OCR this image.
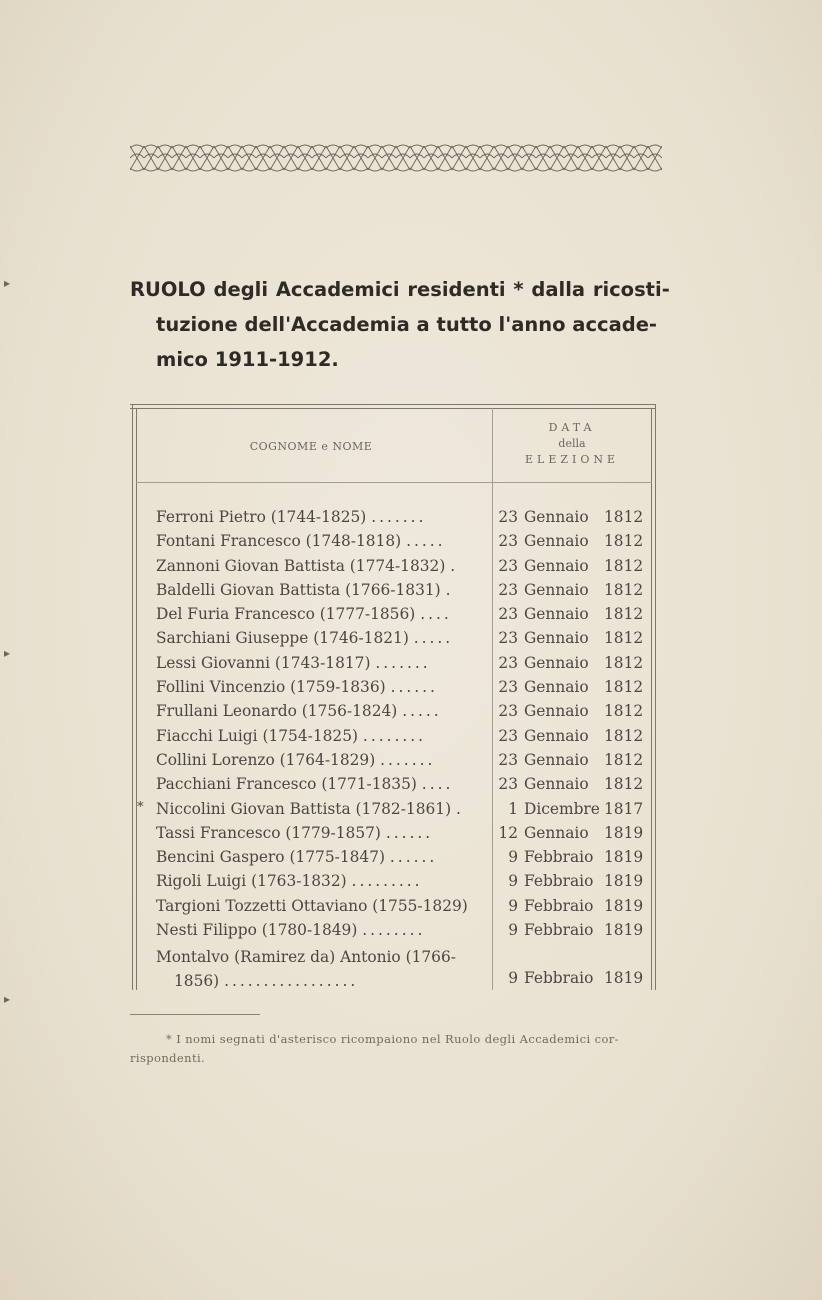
▸
▸
▸
RUOLO degli Accademici residenti * dalla ricosti-
tuzione dell'Accademia a tutto l'anno accade-
mico 1911-1912.
COGNOME e NOME
DATA
della
ELEZIONE
Ferroni Pietro (1744-1825) .......	23 Gennaio 1812
Fontani Francesco (1748-1818) .....	23 Gennaio 1812
Zannoni Giovan Battista (1774-1832) .	23 Gennaio 1812
Baldelli Giovan Battista (1766-1831) .	23 Gennaio 1812
Del Furia Francesco (1777-1856) ....	23 Gennaio 1812
Sarchiani Giuseppe (1746-1821) .....	23 Gennaio 1812
Lessi Giovanni (1743-1817) .......	23 Gennaio 1812
Follini Vincenzio (1759-1836) ......	23 Gennaio 1812
Frullani Leonardo (1756-1824) .....	23 Gennaio 1812
Fiacchi Luigi (1754-1825) ........	23 Gennaio 1812
Collini Lorenzo (1764-1829) .......	23 Gennaio 1812
Pacchiani Francesco (1771-1835) ....	23 Gennaio 1812
* Niccolini Giovan Battista (1782-1861) .	1 Dicembre 1817
Tassi Francesco (1779-1857) ......	12 Gennaio 1819
Bencini Gaspero (1775-1847) ......	9 Febbraio 1819
Rigoli Luigi (1763-1832) .........	9 Febbraio 1819
Targioni Tozzetti Ottaviano (1755-1829)	9 Febbraio 1819
Nesti Filippo (1780-1849) ........	9 Febbraio 1819
Montalvo (Ramirez da) Antonio (1766-
1856) .................	9 Febbraio 1819
* I nomi segnati d'asterisco ricompaiono nel Ruolo degli Accademici cor-
rispondenti.
